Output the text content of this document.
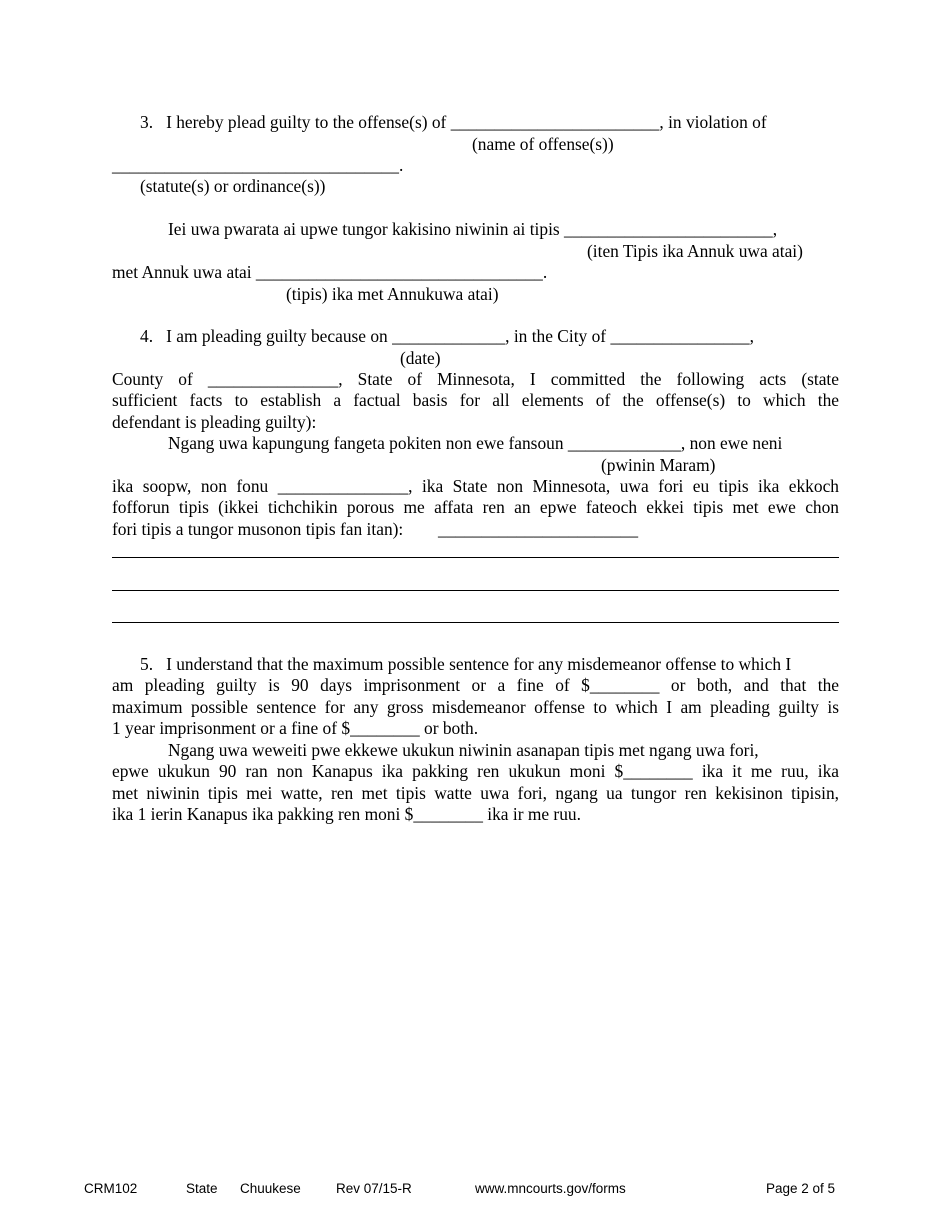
3.   I hereby plead guilty to the offense(s) of ________________________, in violation of
(name of offense(s))
_________________________________.
(statute(s) or ordinance(s))
Iei uwa pwarata ai upwe tungor kakisino niwinin ai tipis ________________________,
(iten Tipis ika Annuk uwa atai)
met Annuk uwa atai _________________________________.
(tipis) ika met Annukuwa atai)
4.   I am pleading guilty because on _____________, in the City of ________________,
(date)
County of _______________, State of Minnesota, I committed the following acts (state
sufficient facts to establish a factual basis for all elements of the offense(s) to which the
defendant is pleading guilty):
Ngang uwa kapungung fangeta pokiten non ewe fansoun _____________, non ewe neni
(pwinin Maram)
ika soopw, non fonu _______________, ika State non Minnesota, uwa fori eu tipis ika ekkoch
fofforun tipis (ikkei tichchikin porous me affata ren an epwe fateoch ekkei tipis met ewe chon
fori tipis a tungor musonon tipis fan itan):        _______________________
5.   I understand that the maximum possible sentence for any misdemeanor offense to which I
am pleading guilty is 90 days imprisonment or a fine of $________ or both, and that the
maximum possible sentence for any gross misdemeanor offense to which I am pleading guilty is
1 year imprisonment or a fine of $________ or both.
Ngang uwa weweiti pwe ekkewe ukukun niwinin asanapan tipis met ngang uwa fori,
epwe ukukun 90 ran non Kanapus ika pakking ren ukukun moni $________ ika it me ruu, ika
met niwinin tipis mei watte, ren met tipis watte uwa fori, ngang ua tungor ren kekisinon tipisin,
ika 1 ierin Kanapus ika pakking ren moni $________ ika ir me ruu.
CRM102	State Chuukese	Rev 07/15-R	www.mncourts.gov/forms	Page 2 of 5
